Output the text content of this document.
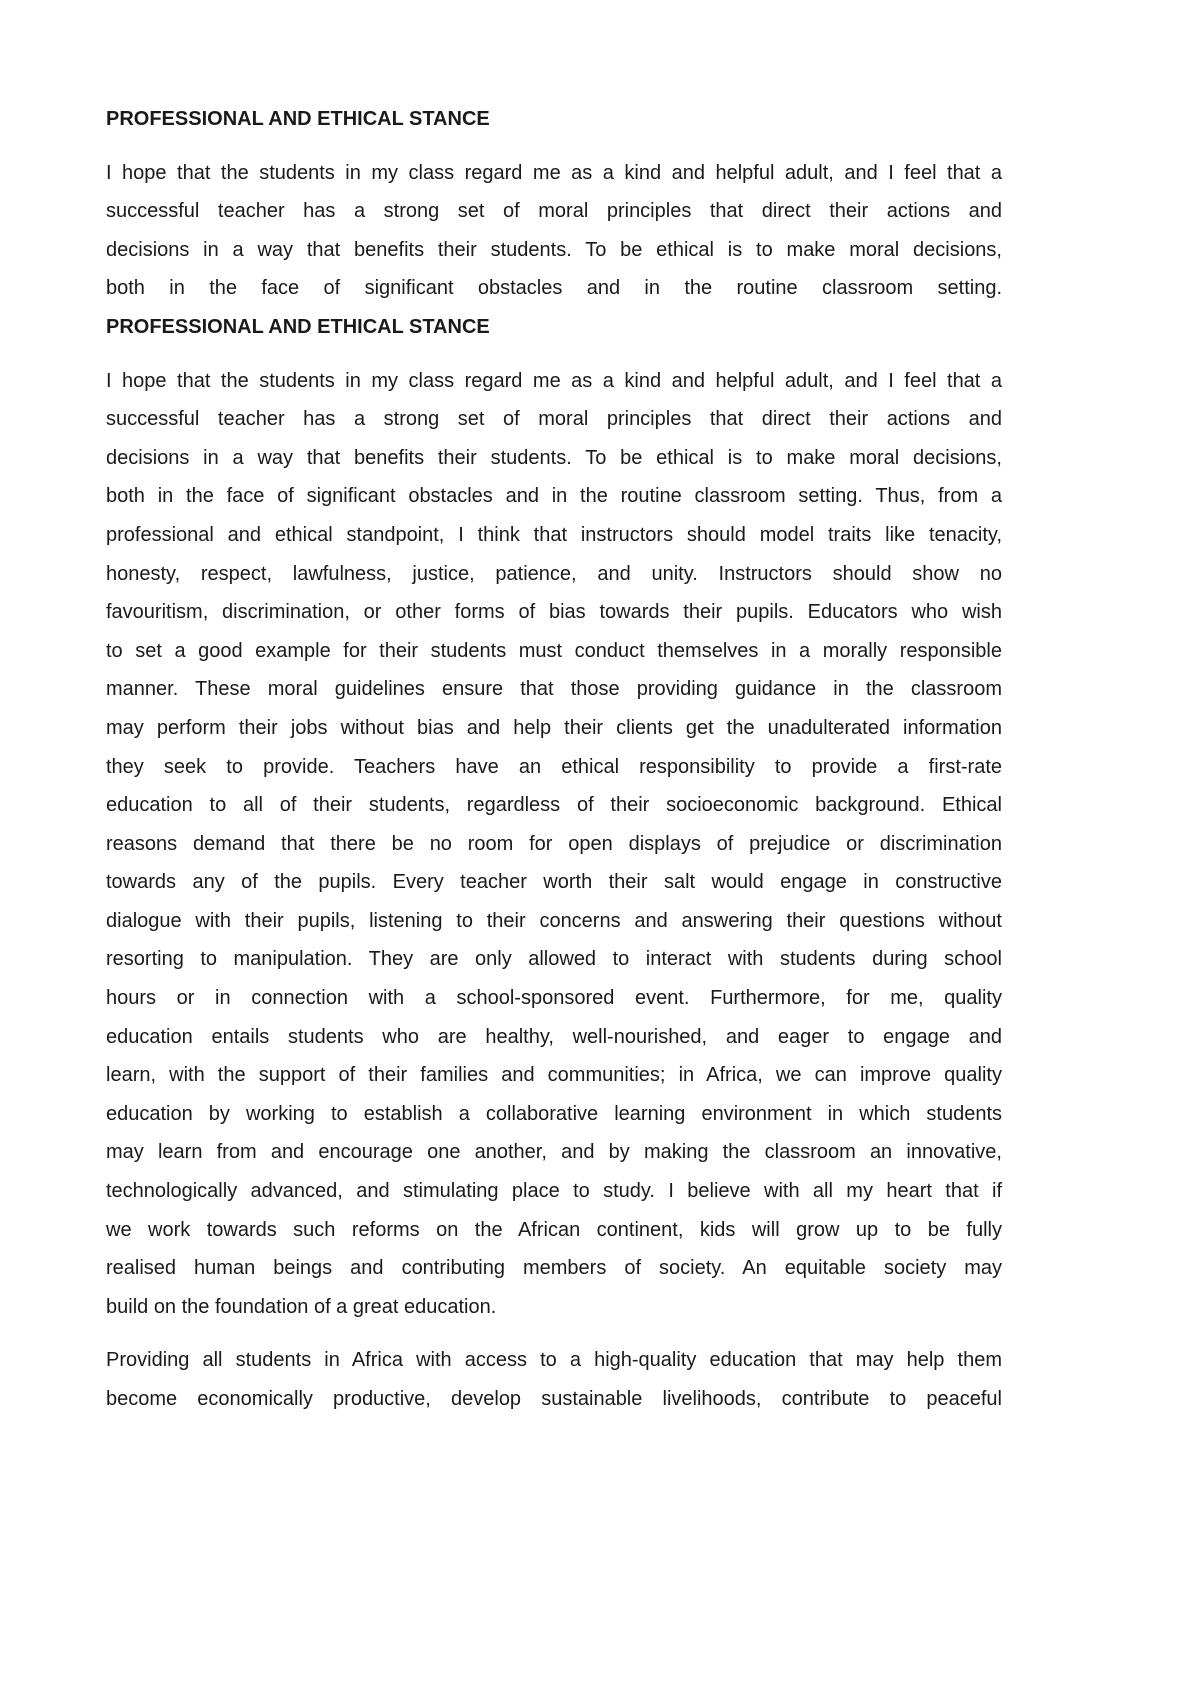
PROFESSIONAL AND ETHICAL STANCE
I hope that the students in my class regard me as a kind and helpful adult, and I feel that a
successful teacher has a strong set of moral principles that direct their actions and
decisions in a way that benefits their students. To be ethical is to make moral decisions,
both in the face of significant obstacles and in the routine classroom setting.
PROFESSIONAL AND ETHICAL STANCE
I hope that the students in my class regard me as a kind and helpful adult, and I feel that a
successful teacher has a strong set of moral principles that direct their actions and
decisions in a way that benefits their students. To be ethical is to make moral decisions,
both in the face of significant obstacles and in the routine classroom setting. Thus, from a
professional and ethical standpoint, I think that instructors should model traits like tenacity,
honesty, respect, lawfulness, justice, patience, and unity. Instructors should show no
favouritism, discrimination, or other forms of bias towards their pupils. Educators who wish
to set a good example for their students must conduct themselves in a morally responsible
manner. These moral guidelines ensure that those providing guidance in the classroom
may perform their jobs without bias and help their clients get the unadulterated information
they seek to provide. Teachers have an ethical responsibility to provide a first-rate
education to all of their students, regardless of their socioeconomic background. Ethical
reasons demand that there be no room for open displays of prejudice or discrimination
towards any of the pupils. Every teacher worth their salt would engage in constructive
dialogue with their pupils, listening to their concerns and answering their questions without
resorting to manipulation. They are only allowed to interact with students during school
hours or in connection with a school-sponsored event. Furthermore, for me, quality
education entails students who are healthy, well-nourished, and eager to engage and
learn, with the support of their families and communities; in Africa, we can improve quality
education by working to establish a collaborative learning environment in which students
may learn from and encourage one another, and by making the classroom an innovative,
technologically advanced, and stimulating place to study. I believe with all my heart that if
we work towards such reforms on the African continent, kids will grow up to be fully
realised human beings and contributing members of society. An equitable society may
build on the foundation of a great education.
Providing all students in Africa with access to a high-quality education that may help them
become economically productive, develop sustainable livelihoods, contribute to peaceful
